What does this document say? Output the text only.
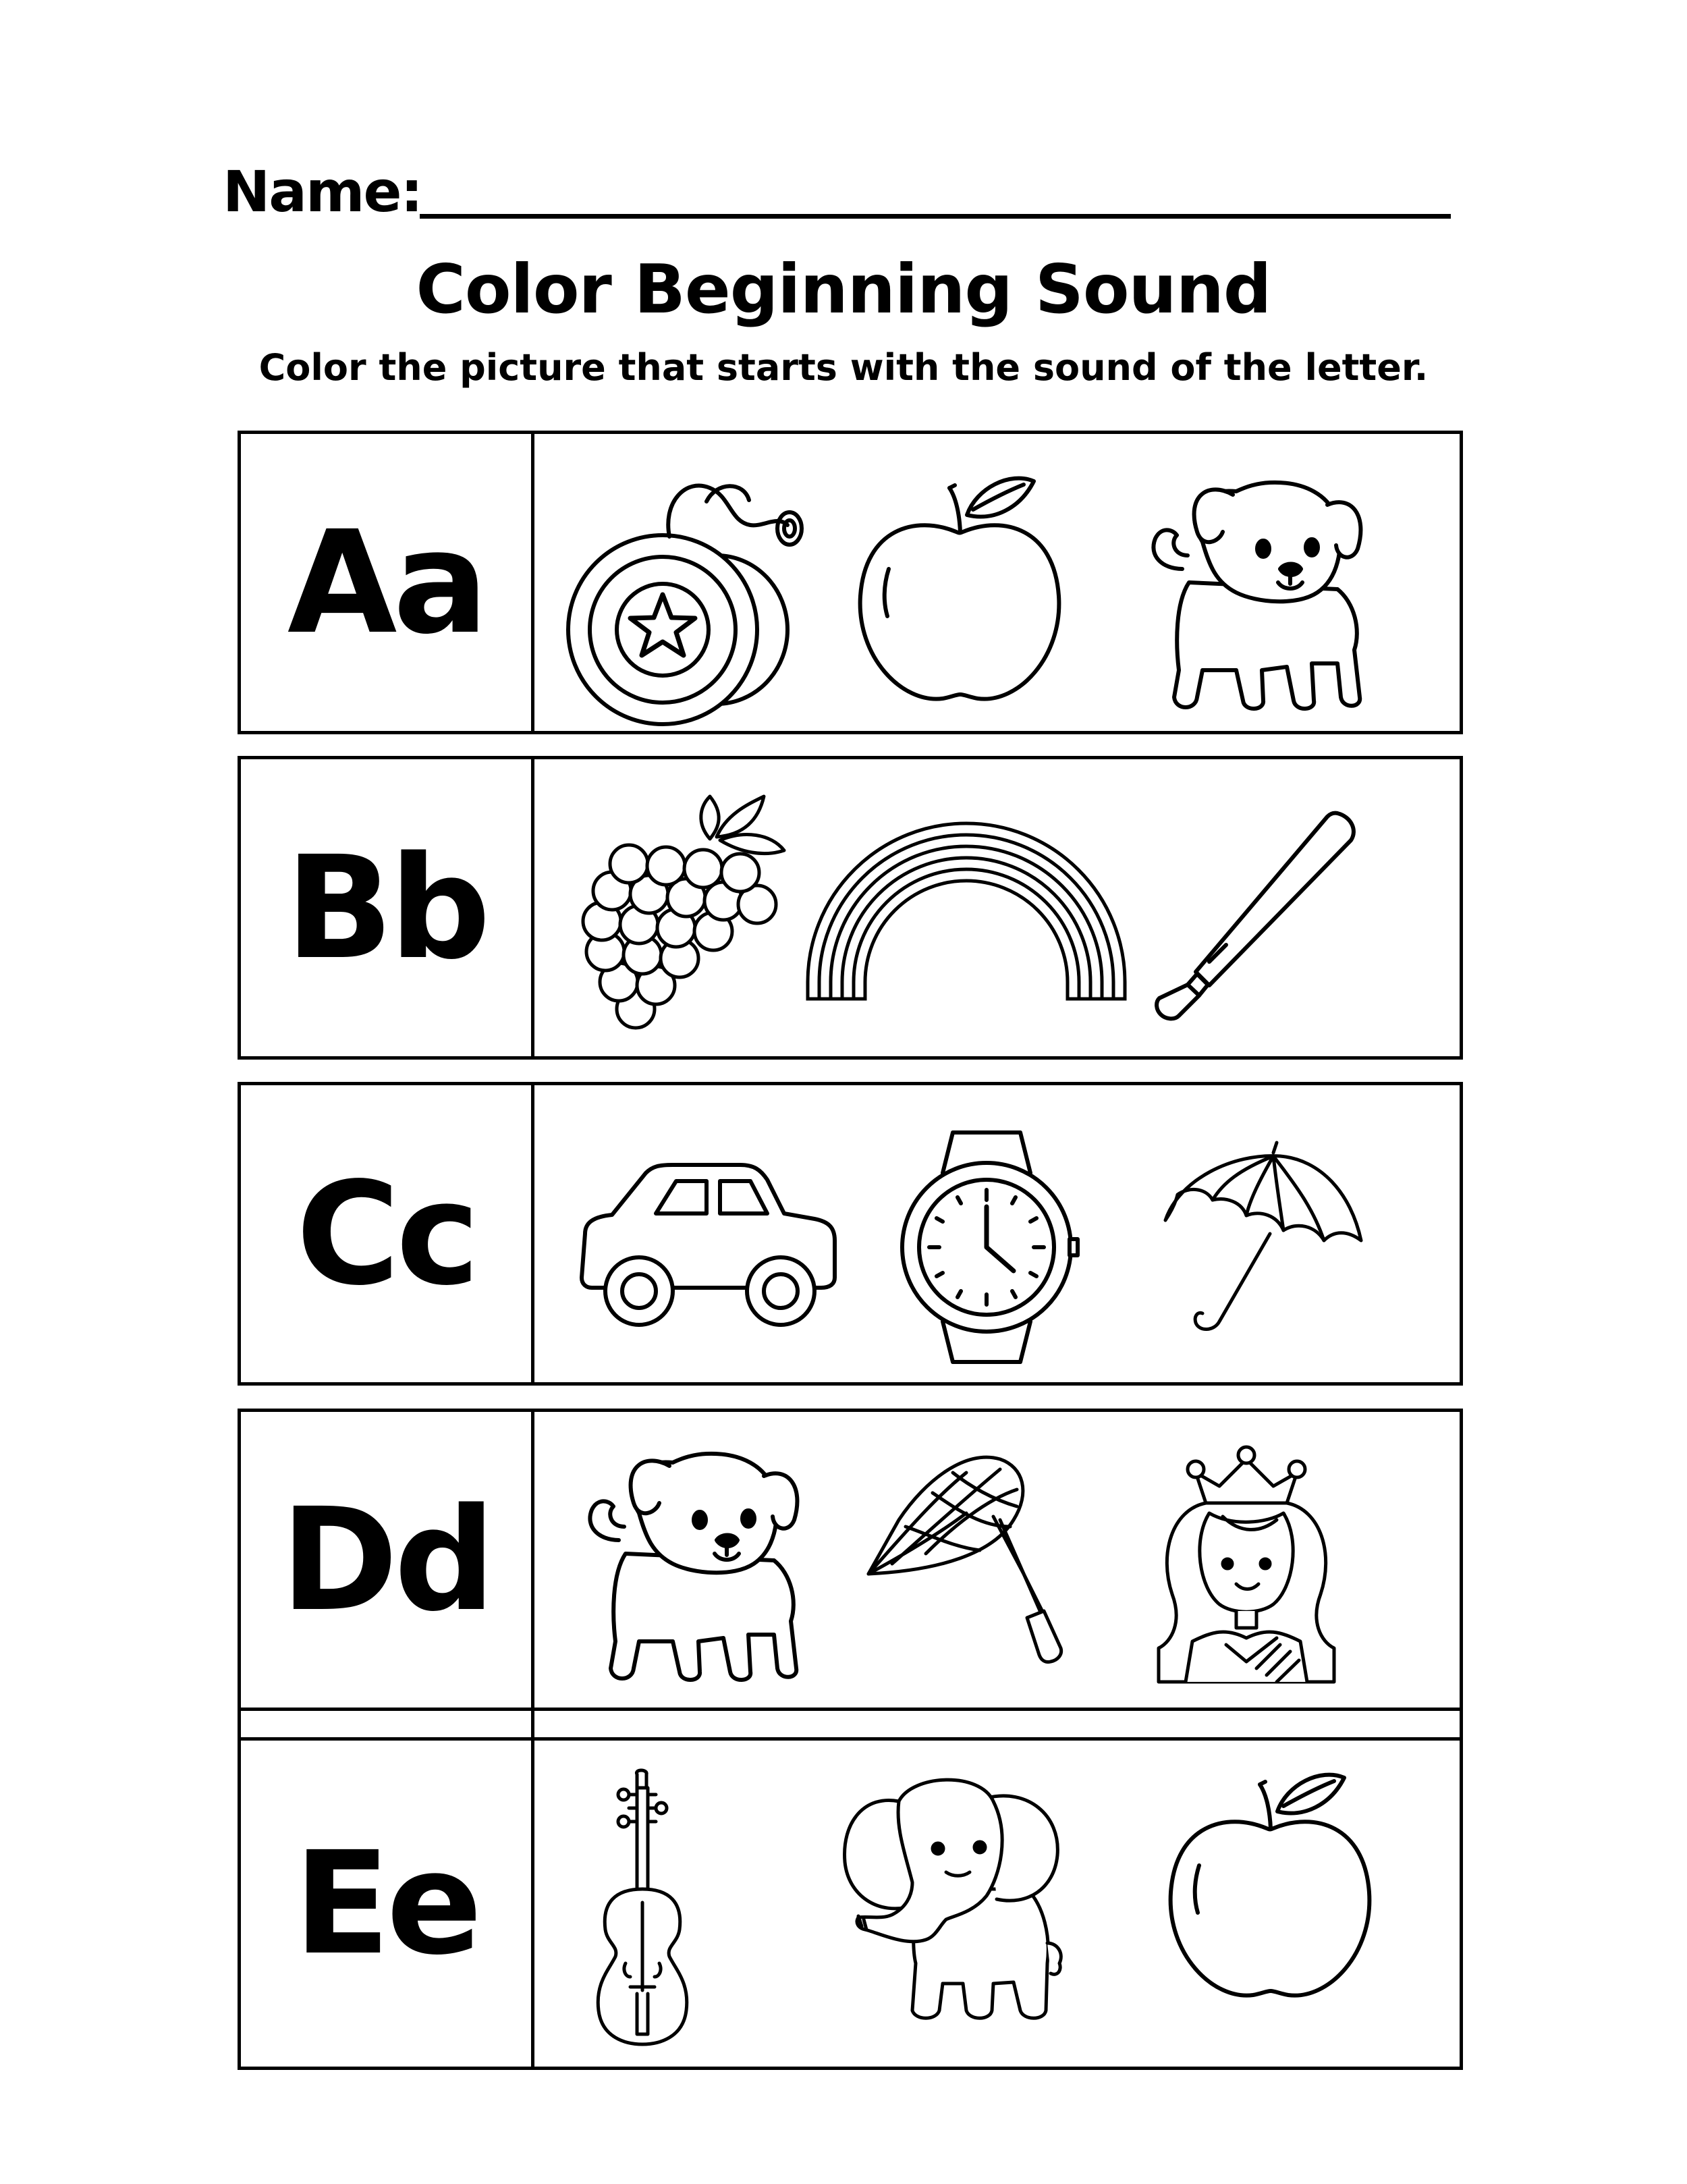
Name:
Color Beginning Sound
Color the picture that starts with the sound of the letter.
Aa
Bb
Cc
Dd
Ee
